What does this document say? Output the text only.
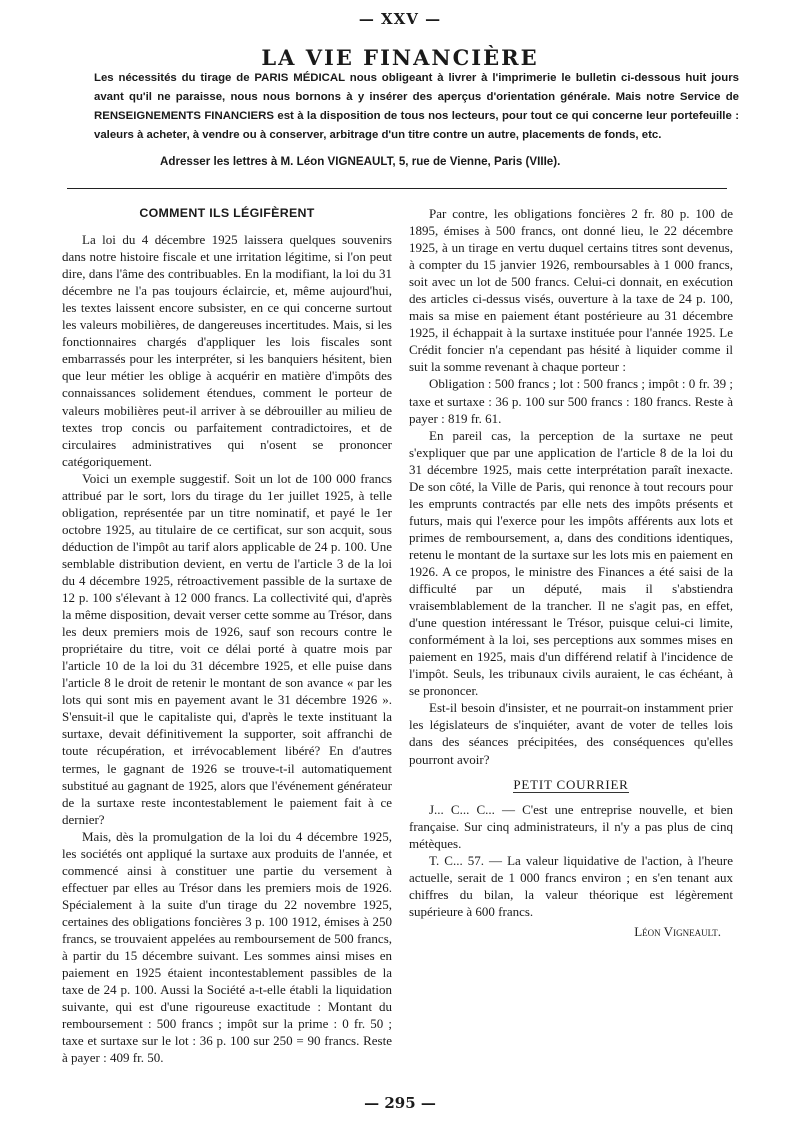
— XXV —
LA VIE FINANCIÈRE
Les nécessités du tirage de PARIS MÉDICAL nous obligeant à livrer à l'imprimerie le bulletin ci-dessous huit jours avant qu'il ne paraisse, nous nous bornons à y insérer des aperçus d'orientation générale. Mais notre Service de RENSEIGNEMENTS FINANCIERS est à la disposition de tous nos lecteurs, pour tout ce qui concerne leur portefeuille : valeurs à acheter, à vendre ou à conserver, arbitrage d'un titre contre un autre, placements de fonds, etc.
Adresser les lettres à M. Léon VIGNEAULT, 5, rue de Vienne, Paris (VIIIe).
COMMENT ILS LÉGIFÈRENT

La loi du 4 décembre 1925 laissera quelques souvenirs dans notre histoire fiscale et une irritation légitime, si l'on peut dire, dans l'âme des contribuables. En la modifiant, la loi du 31 décembre ne l'a pas toujours éclaircie, et, même aujourd'hui, les textes laissent encore subsister, en ce qui concerne surtout les valeurs mobilières, de dangereuses incertitudes. Mais, si les fonctionnaires chargés d'appliquer les lois fiscales sont embarrassés pour les interpréter, si les banquiers hésitent, bien que leur métier les oblige à acquérir en matière d'impôts des connaissances solidement étendues, comment le porteur de valeurs mobilières peut-il arriver à se débrouiller au milieu de textes trop concis ou parfaitement contradictoires, et de circulaires administratives qui n'osent se prononcer catégoriquement.

Voici un exemple suggestif. Soit un lot de 100 000 francs attribué par le sort, lors du tirage du 1er juillet 1925, à telle obligation, représentée par un titre nominatif, et payé le 1er octobre 1925, au titulaire de ce certificat, sur son acquit, sous déduction de l'impôt au tarif alors applicable de 24 p. 100. Une semblable distribution devient, en vertu de l'article 3 de la loi du 4 décembre 1925, rétroactivement passible de la surtaxe de 12 p. 100 s'élevant à 12 000 francs. La collectivité qui, d'après la même disposition, devait verser cette somme au Trésor, dans les deux premiers mois de 1926, sauf son recours contre le propriétaire du titre, voit ce délai porté à quatre mois par l'article 10 de la loi du 31 décembre 1925, et elle puise dans l'article 8 le droit de retenir le montant de son avance « par les lots qui sont mis en payement avant le 31 décembre 1926 ». S'ensuit-il que le capitaliste qui, d'après le texte instituant la surtaxe, devait définitivement la supporter, soit affranchi de toute récupération, et irrévocablement libéré? En d'autres termes, le gagnant de 1926 se trouve-t-il automatiquement substitué au gagnant de 1925, alors que l'événement générateur de la surtaxe reste incontestablement le paiement fait à ce dernier?

Mais, dès la promulgation de la loi du 4 décembre 1925, les sociétés ont appliqué la surtaxe aux produits de l'année, et commencé ainsi à constituer une partie du versement à effectuer par elles au Trésor dans les premiers mois de 1926. Spécialement à la suite d'un tirage du 22 novembre 1925, certaines des obligations foncières 3 p. 100 1912, émises à 250 francs, se trouvaient appelées au remboursement de 500 francs, à partir du 15 décembre suivant. Les sommes ainsi mises en paiement en 1925 étaient incontestablement passibles de la taxe de 24 p. 100. Aussi la Société a-t-elle établi la liquidation suivante, qui est d'une rigoureuse exactitude : Montant du remboursement : 500 francs ; impôt sur la prime : 0 fr. 50 ; taxe et surtaxe sur le lot : 36 p. 100 sur 250 = 90 francs. Reste à payer : 409 fr. 50.

Par contre, les obligations foncières 2 fr. 80 p. 100 de 1895, émises à 500 francs, ont donné lieu, le 22 décembre 1925, à un tirage en vertu duquel certains titres sont devenus, à compter du 15 janvier 1926, remboursables à 1 000 francs, soit avec un lot de 500 francs. Celui-ci donnait, en exécution des articles ci-dessus visés, ouverture à la taxe de 24 p. 100, mais sa mise en paiement étant postérieure au 31 décembre 1925, il échappait à la surtaxe instituée pour l'année 1925. Le Crédit foncier n'a cependant pas hésité à liquider comme il suit la somme revenant à chaque porteur :

Obligation : 500 francs ; lot : 500 francs ; impôt : 0 fr. 39 ; taxe et surtaxe : 36 p. 100 sur 500 francs : 180 francs. Reste à payer : 819 fr. 61.

En pareil cas, la perception de la surtaxe ne peut s'expliquer que par une application de l'article 8 de la loi du 31 décembre 1925, mais cette interprétation paraît inexacte. De son côté, la Ville de Paris, qui renonce à tout recours pour les emprunts contractés par elle nets des impôts présents et futurs, mais qui l'exerce pour les impôts afférents aux lots et primes de remboursement, a, dans des conditions identiques, retenu le montant de la surtaxe sur les lots mis en paiement en 1926. A ce propos, le ministre des Finances a été saisi de la difficulté par un député, mais il s'abstiendra vraisemblablement de la trancher. Il ne s'agit pas, en effet, d'une question intéressant le Trésor, puisque celui-ci limite, conformément à la loi, ses perceptions aux sommes mises en paiement en 1925, mais d'un différend relatif à l'incidence de l'impôt. Seuls, les tribunaux civils auraient, le cas échéant, à se prononcer.

Est-il besoin d'insister, et ne pourrait-on instamment prier les législateurs de s'inquiéter, avant de voter de telles lois dans des séances précipitées, des conséquences qu'elles pourront avoir?

PETIT COURRIER

J... C... C... — C'est une entreprise nouvelle, et bien française. Sur cinq administrateurs, il n'y a pas plus de cinq métèques.

T. C... 57. — La valeur liquidative de l'action, à l'heure actuelle, serait de 1 000 francs environ ; en s'en tenant aux chiffres du bilan, la valeur théorique est légèrement supérieure à 600 francs.

Léon Vigneault.
— 295 —
